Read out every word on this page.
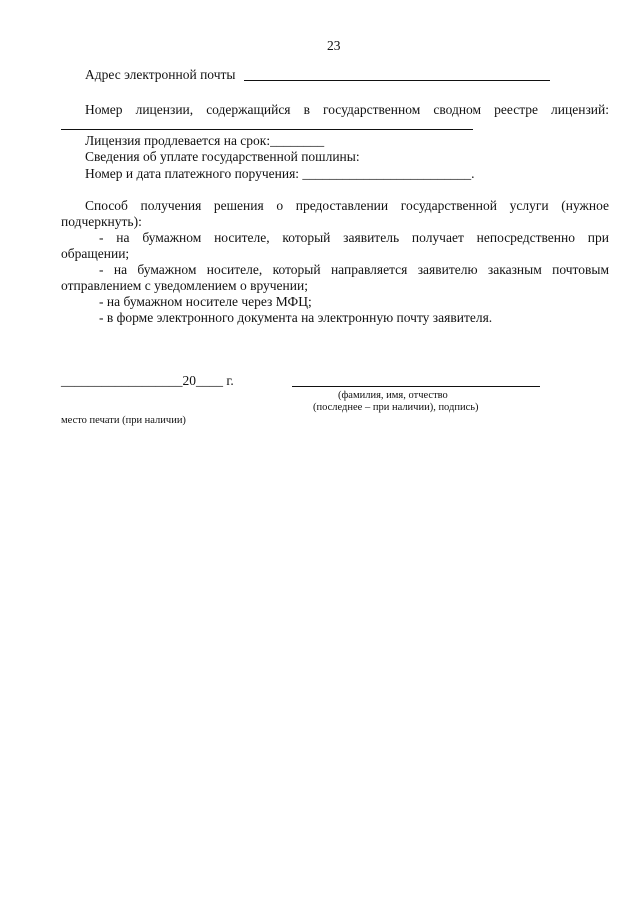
23
Адрес электронной почты
Номер лицензии, содержащийся в государственном сводном реестре лицензий:
Лицензия продлевается на срок:________
Сведения об уплате государственной пошлины:
Номер и дата платежного поручения: _________________________.
Способ получения решения о предоставлении государственной услуги (нужное
подчеркнуть):
- на бумажном носителе, который заявитель получает непосредственно при
обращении;
- на бумажном носителе, который направляется заявителю заказным почтовым
отправлением с уведомлением о вручении;
- на бумажном носителе через МФЦ;
- в форме электронного документа на электронную почту заявителя.
__________________20____ г.
(фамилия, имя, отчество
(последнее – при наличии), подпись)
место печати (при наличии)
